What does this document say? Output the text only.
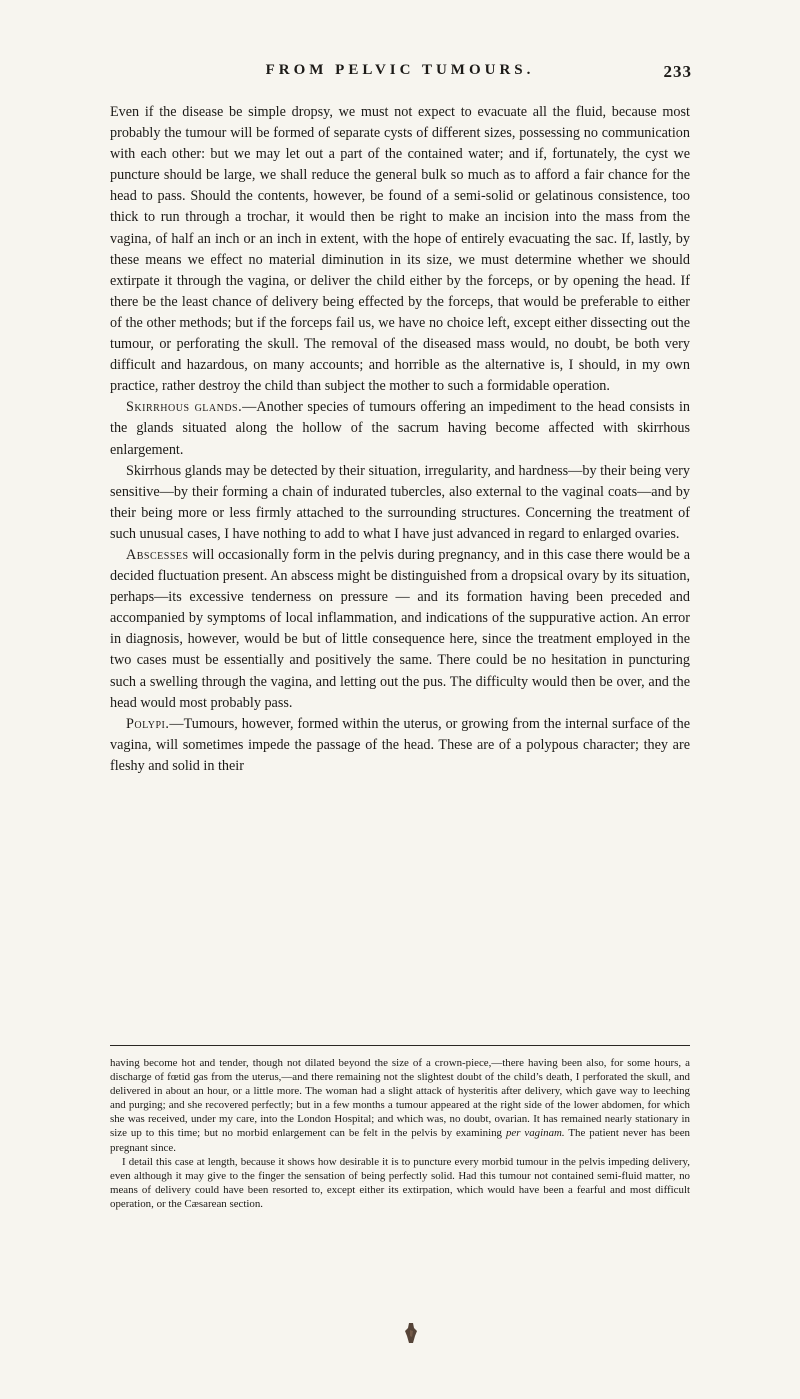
FROM PELVIC TUMOURS.	233

Even if the disease be simple dropsy, we must not expect to evacuate all the fluid, because most probably the tumour will be formed of separate cysts of different sizes, possessing no communication with each other: but we may let out a part of the contained water; and if, fortunately, the cyst we puncture should be large, we shall reduce the general bulk so much as to afford a fair chance for the head to pass. Should the contents, however, be found of a semi-solid or gelatinous consistence, too thick to run through a trochar, it would then be right to make an incision into the mass from the vagina, of half an inch or an inch in extent, with the hope of entirely evacuating the sac. If, lastly, by these means we effect no material diminution in its size, we must determine whether we should extirpate it through the vagina, or deliver the child either by the forceps, or by opening the head. If there be the least chance of delivery being effected by the forceps, that would be preferable to either of the other methods; but if the forceps fail us, we have no choice left, except either dissecting out the tumour, or perforating the skull. The removal of the diseased mass would, no doubt, be both very difficult and hazardous, on many accounts; and horrible as the alternative is, I should, in my own practice, rather destroy the child than subject the mother to such a formidable operation.

Skirrhous glands.—Another species of tumours offering an impediment to the head consists in the glands situated along the hollow of the sacrum having become affected with skirrhous enlargement.

Skirrhous glands may be detected by their situation, irregularity, and hardness—by their being very sensitive—by their forming a chain of indurated tubercles, also external to the vaginal coats—and by their being more or less firmly attached to the surrounding structures. Concerning the treatment of such unusual cases, I have nothing to add to what I have just advanced in regard to enlarged ovaries.

Abscesses will occasionally form in the pelvis during pregnancy, and in this case there would be a decided fluctuation present. An abscess might be distinguished from a dropsical ovary by its situation, perhaps—its excessive tenderness on pressure — and its formation having been preceded and accompanied by symptoms of local inflammation, and indications of the suppurative action. An error in diagnosis, however, would be but of little consequence here, since the treatment employed in the two cases must be essentially and positively the same. There could be no hesitation in puncturing such a swelling through the vagina, and letting out the pus. The difficulty would then be over, and the head would most probably pass.

Polypi.—Tumours, however, formed within the uterus, or growing from the internal surface of the vagina, will sometimes impede the passage of the head. These are of a polypous character; they are fleshy and solid in their

having become hot and tender, though not dilated beyond the size of a crown-piece,—there having been also, for some hours, a discharge of fœtid gas from the uterus,—and there remaining not the slightest doubt of the child’s death, I perforated the skull, and delivered in about an hour, or a little more. The woman had a slight attack of hysteritis after delivery, which gave way to leeching and purging; and she recovered perfectly; but in a few months a tumour appeared at the right side of the lower abdomen, for which she was received, under my care, into the London Hospital; and which was, no doubt, ovarian. It has remained nearly stationary in size up to this time; but no morbid enlargement can be felt in the pelvis by examining per vaginam. The patient never has been pregnant since.

I detail this case at length, because it shows how desirable it is to puncture every morbid tumour in the pelvis impeding delivery, even although it may give to the finger the sensation of being perfectly solid. Had this tumour not contained semi-fluid matter, no means of delivery could have been resorted to, except either its extirpation, which would have been a fearful and most difficult operation, or the Cæsarean section.
